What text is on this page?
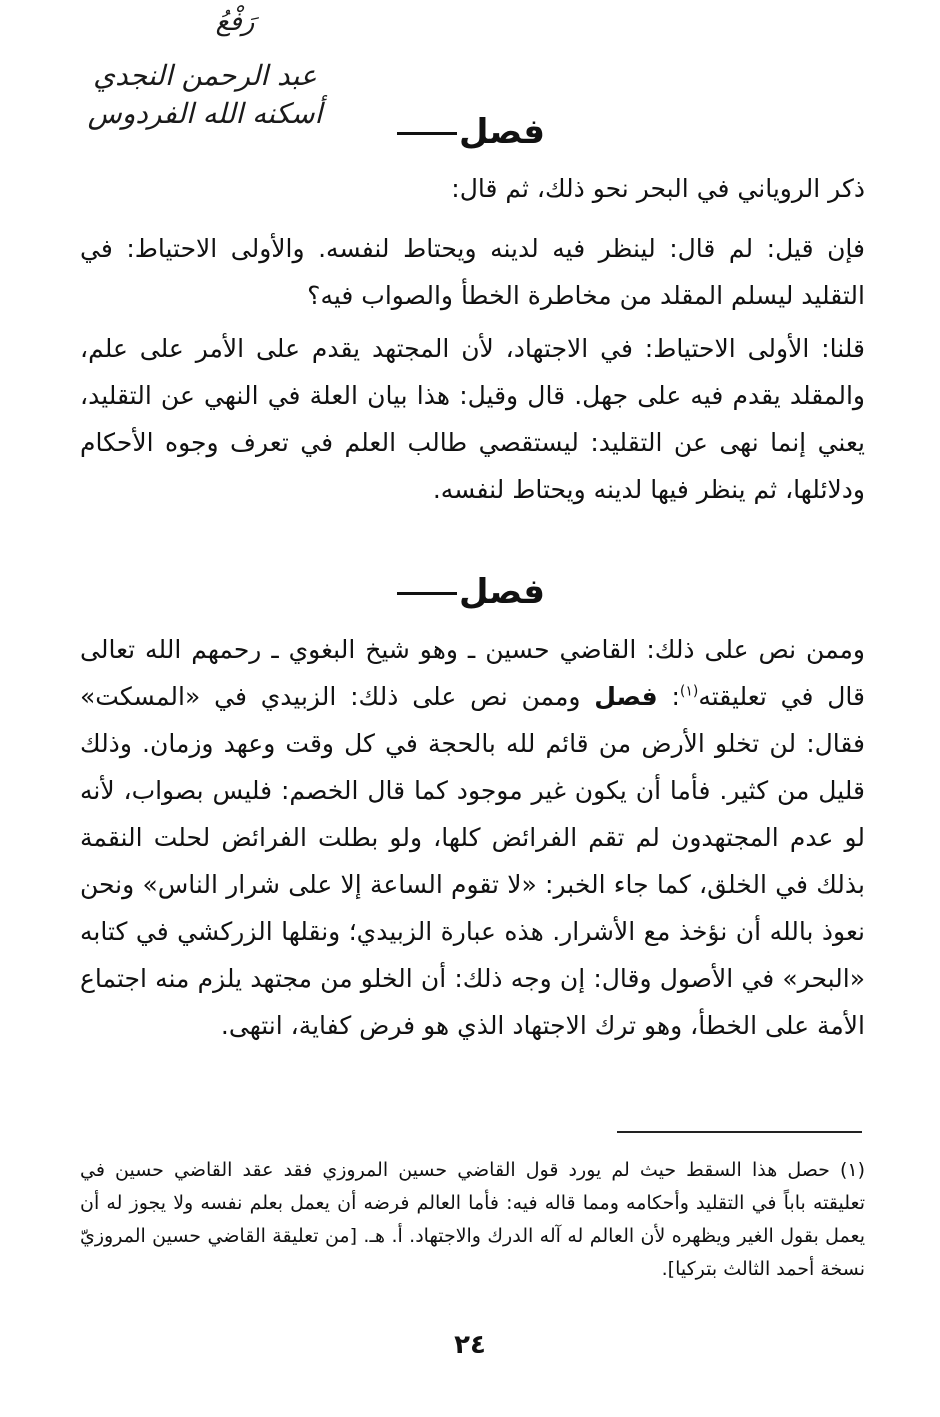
رَفْعُ
عبد الرحمن النجدي
أسكنه الله الفردوس	فصل
ذكر الروياني في البحر نحو ذلك، ثم قال:
فإن قيل: لم قال: لينظر فيه لدينه ويحتاط لنفسه. والأولى الاحتياط: في التقليد ليسلم المقلد من مخاطرة الخطأ والصواب فيه؟
قلنا: الأولى الاحتياط: في الاجتهاد، لأن المجتهد يقدم على الأمر على علم، والمقلد يقدم فيه على جهل. قال وقيل: هذا بيان العلة في النهي عن التقليد، يعني إنما نهى عن التقليد: ليستقصي طالب العلم في تعرف وجوه الأحكام ودلائلها، ثم ينظر فيها لدينه ويحتاط لنفسه.
فصل
وممن نص على ذلك: القاضي حسين ـ وهو شيخ البغوي ـ رحمهم الله تعالى قال في تعليقته$^{(١)}$: فصل وممن نص على ذلك: الزبيدي في «المسكت» فقال: لن تخلو الأرض من قائم لله بالحجة في كل وقت وعهد وزمان. وذلك قليل من كثير. فأما أن يكون غير موجود كما قال الخصم: فليس بصواب، لأنه لو عدم المجتهدون لم تقم الفرائض كلها، ولو بطلت الفرائض لحلت النقمة بذلك في الخلق، كما جاء الخبر: «لا تقوم الساعة إلا على شرار الناس» ونحن نعوذ بالله أن نؤخذ مع الأشرار. هذه عبارة الزبيدي؛ ونقلها الزركشي في كتابه «البحر» في الأصول وقال: إن وجه ذلك: أن الخلو من مجتهد يلزم منه اجتماع الأمة على الخطأ، وهو ترك الاجتهاد الذي هو فرض كفاية، انتهى.
(١)حصل هذا السقط حيث لم يورد قول القاضي حسين المروزي فقد عقد القاضي حسين في تعليقته باباً في التقليد وأحكامه ومما قاله فيه: فأما العالم فرضه أن يعمل بعلم نفسه ولا يجوز له أن يعمل بقول الغير ويظهره لأن العالم له آله الدرك والاجتهاد. أ. هـ. [من تعليقة القاضي حسين المروزيّ نسخة أحمد الثالث بتركيا].
٢٤
